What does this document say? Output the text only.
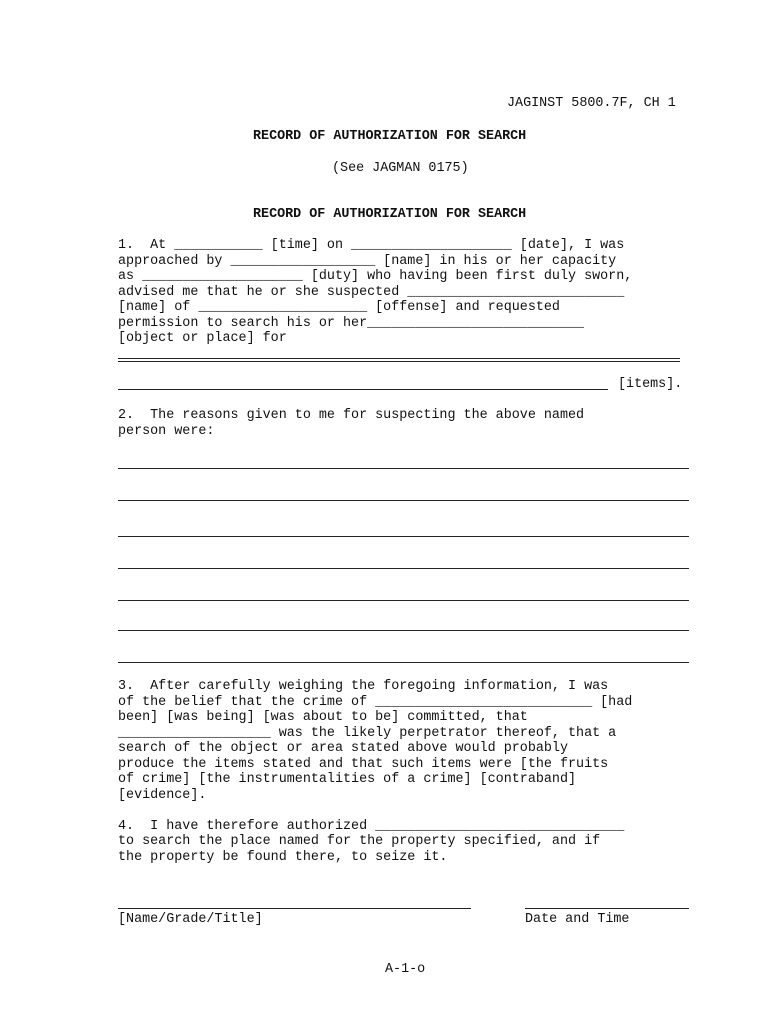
JAGINST 5800.7F, CH 1
RECORD OF AUTHORIZATION FOR SEARCH
(See JAGMAN 0175)
RECORD OF AUTHORIZATION FOR SEARCH
1.  At ___________ [time] on ____________________ [date], I was
approached by __________________ [name] in his or her capacity
as ____________________ [duty] who having been first duly sworn,
advised me that he or she suspected ___________________________
[name] of _____________________ [offense] and requested
permission to search his or her___________________________
[object or place] for
[items].
2.  The reasons given to me for suspecting the above named
person were:
3.  After carefully weighing the foregoing information, I was
of the belief that the crime of ___________________________ [had
been] [was being] [was about to be] committed, that
___________________ was the likely perpetrator thereof, that a
search of the object or area stated above would probably
produce the items stated and that such items were [the fruits
of crime] [the instrumentalities of a crime] [contraband]
[evidence].
4.  I have therefore authorized _______________________________
to search the place named for the property specified, and if
the property be found there, to seize it.
[Name/Grade/Title]	Date and Time
A-1-o
